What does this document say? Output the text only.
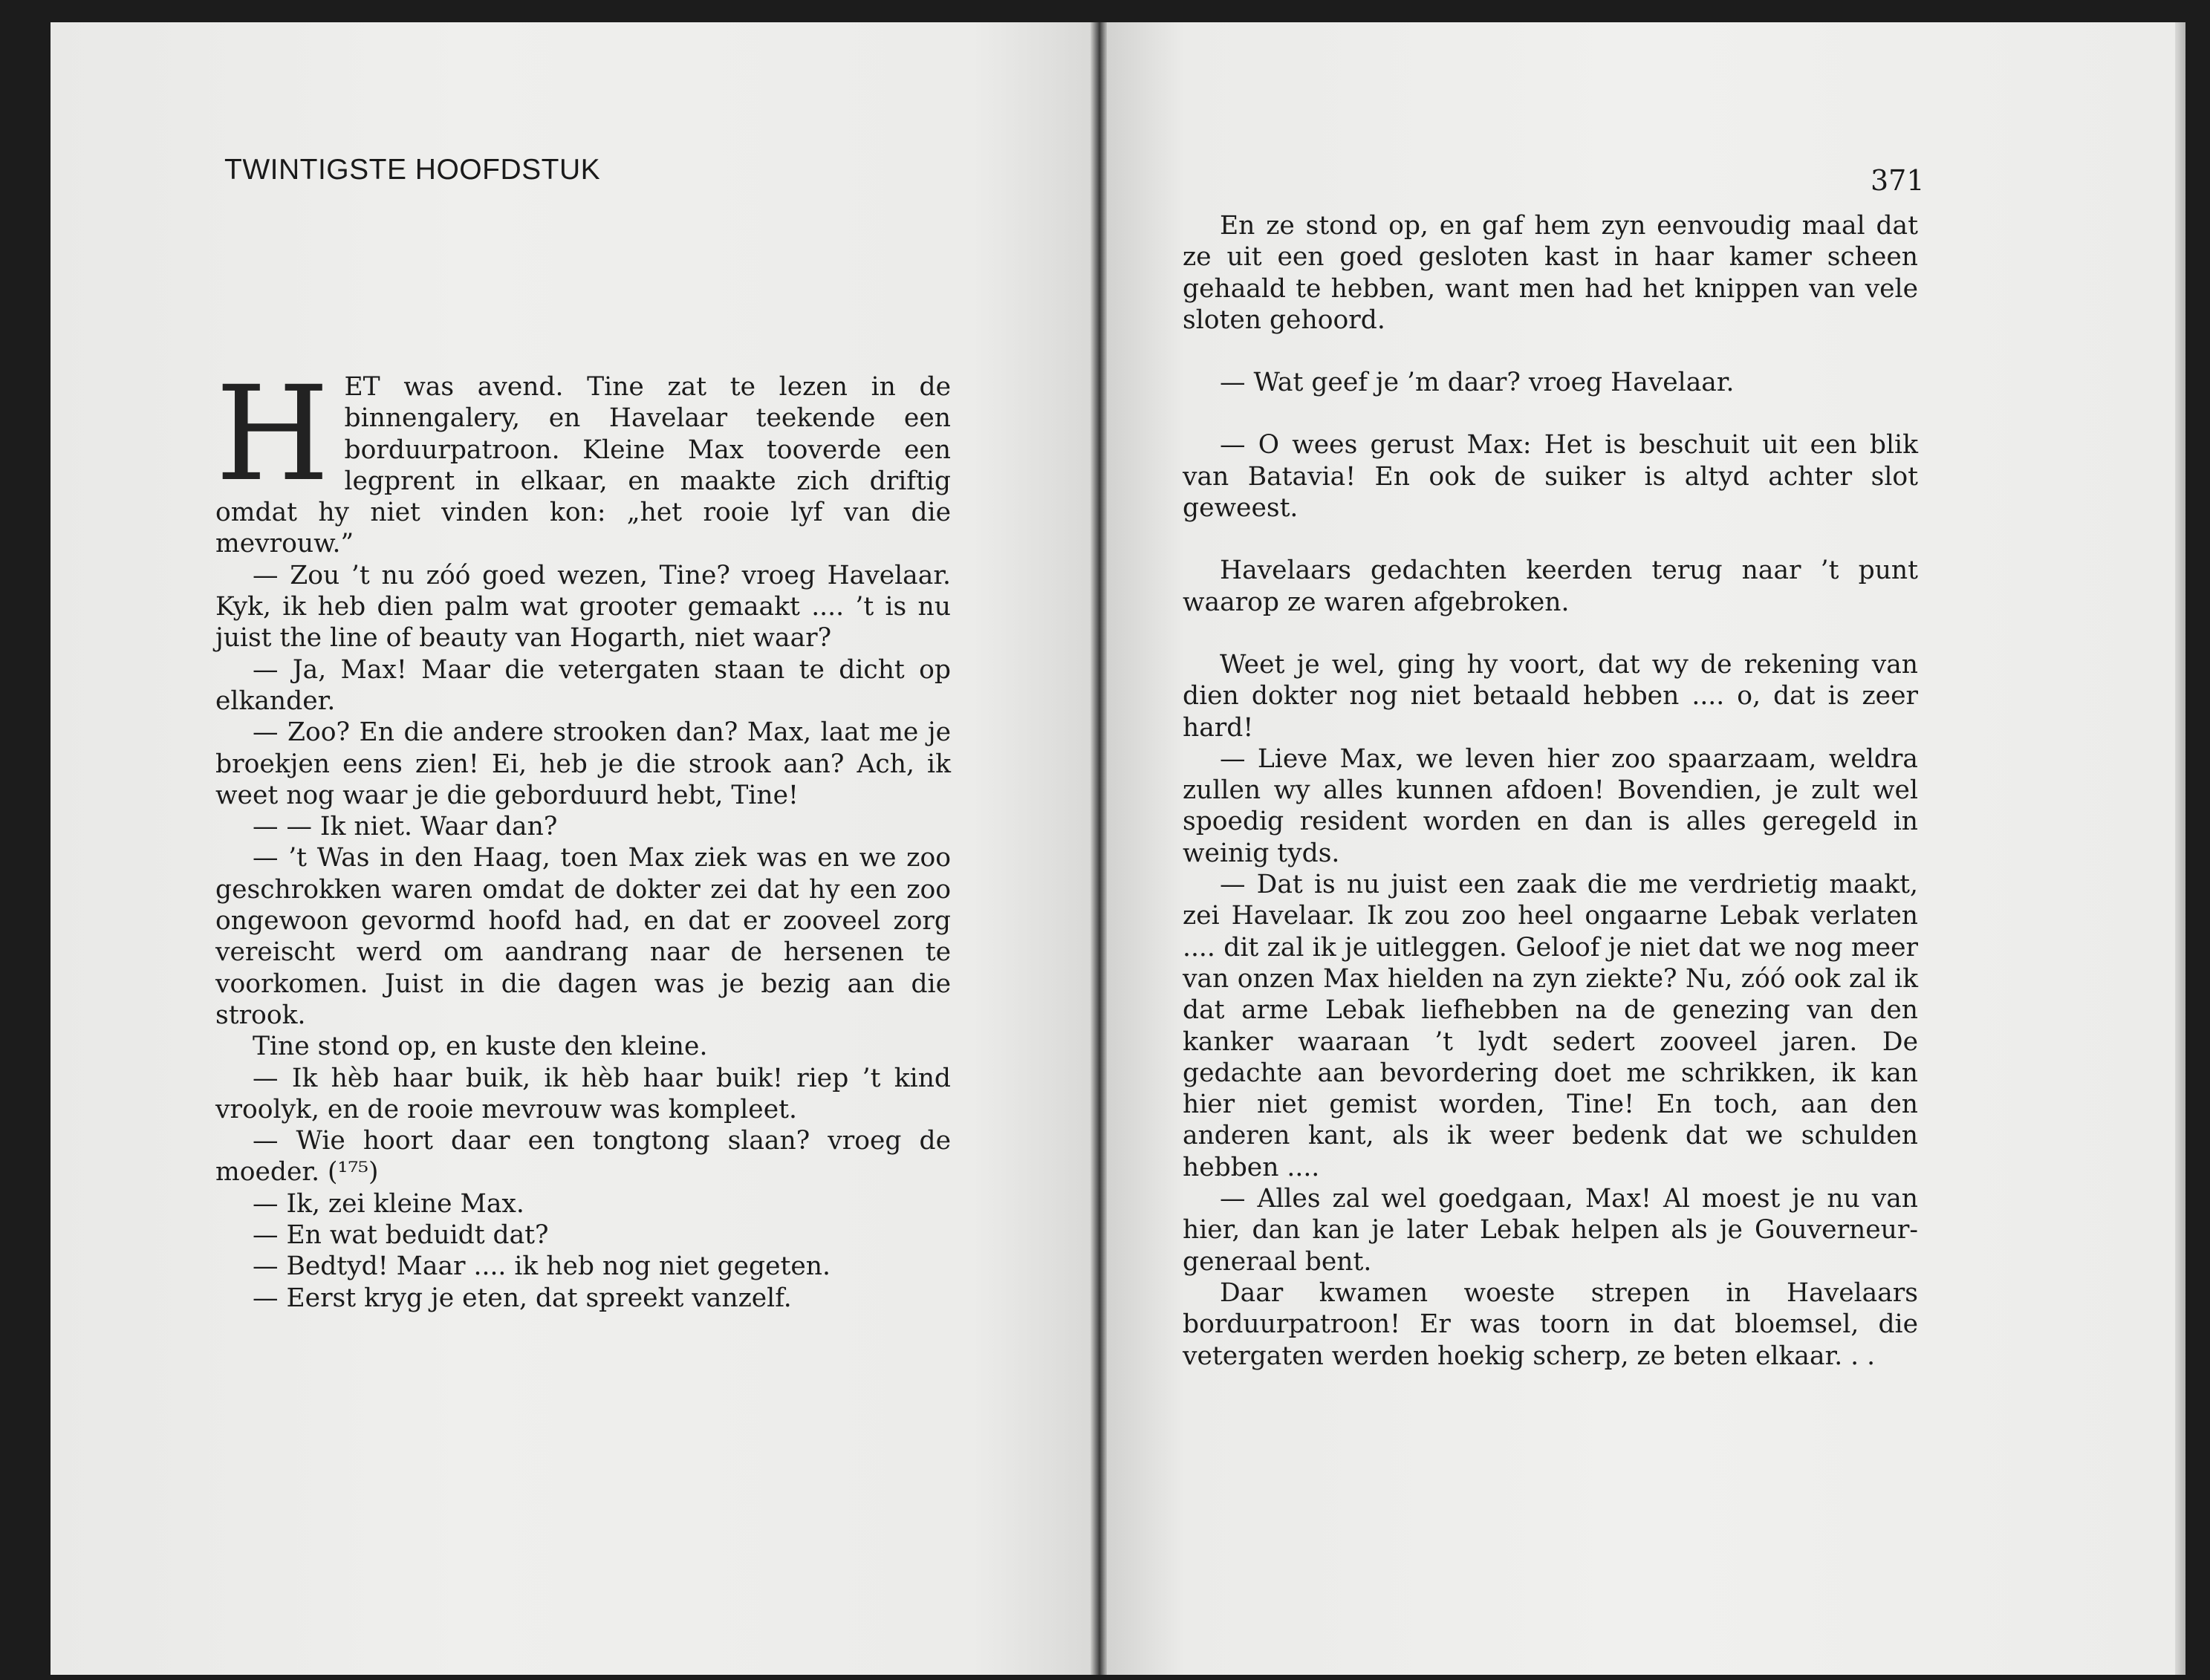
TWINTIGSTE HOOFDSTUK	371

HET was avend. Tine zat te lezen in de binnengalery, en Havelaar teekende een borduurpatroon. Kleine Max tooverde een legprent in elkaar, en maakte zich driftig omdat hy niet vinden kon: „het rooie lyf van die mevrouw.”

— Zou ’t nu zóó goed wezen, Tine? vroeg Havelaar. Kyk, ik heb dien palm wat grooter gemaakt .... ’t is nu juist the line of beauty van Hogarth, niet waar?

— Ja, Max! Maar die vetergaten staan te dicht op elkander.

— Zoo? En die andere strooken dan? Max, laat me je broekjen eens zien! Ei, heb je die strook aan? Ach, ik weet nog waar je die geborduurd hebt, Tine!

— — Ik niet. Waar dan?

— ’t Was in den Haag, toen Max ziek was en we zoo geschrokken waren omdat de dokter zei dat hy een zoo ongewoon gevormd hoofd had, en dat er zooveel zorg vereischt werd om aandrang naar de hersenen te voorkomen. Juist in die dagen was je bezig aan die strook.

Tine stond op, en kuste den kleine.

— Ik hèb haar buik, ik hèb haar buik! riep ’t kind vroolyk, en de rooie mevrouw was kompleet.

— Wie hoort daar een tongtong slaan? vroeg de moeder. (¹⁷⁵)

— Ik, zei kleine Max.

— En wat beduidt dat?

— Bedtyd! Maar .... ik heb nog niet gegeten.

— Eerst kryg je eten, dat spreekt vanzelf.

En ze stond op, en gaf hem zyn eenvoudig maal dat ze uit een goed gesloten kast in haar kamer scheen gehaald te hebben, want men had het knippen van vele sloten gehoord.

— Wat geef je ’m daar? vroeg Havelaar.

— O wees gerust Max: Het is beschuit uit een blik van Batavia! En ook de suiker is altyd achter slot geweest.

Havelaars gedachten keerden terug naar ’t punt waarop ze waren afgebroken.

Weet je wel, ging hy voort, dat wy de rekening van dien dokter nog niet betaald hebben .... o, dat is zeer hard!

— Lieve Max, we leven hier zoo spaarzaam, weldra zullen wy alles kunnen afdoen! Bovendien, je zult wel spoedig resident worden en dan is alles geregeld in weinig tyds.

— Dat is nu juist een zaak die me verdrietig maakt, zei Havelaar. Ik zou zoo heel ongaarne Lebak verlaten .... dit zal ik je uitleggen. Geloof je niet dat we nog meer van onzen Max hielden na zyn ziekte? Nu, zóó ook zal ik dat arme Lebak liefhebben na de genezing van den kanker waaraan ’t lydt sedert zooveel jaren. De gedachte aan bevordering doet me schrikken, ik kan hier niet gemist worden, Tine! En toch, aan den anderen kant, als ik weer bedenk dat we schulden hebben ....

— Alles zal wel goedgaan, Max! Al moest je nu van hier, dan kan je later Lebak helpen als je Gouverneur-generaal bent.

Daar kwamen woeste strepen in Havelaars borduurpatroon! Er was toorn in dat bloemsel, die vetergaten werden hoekig scherp, ze beten elkaar. . .
